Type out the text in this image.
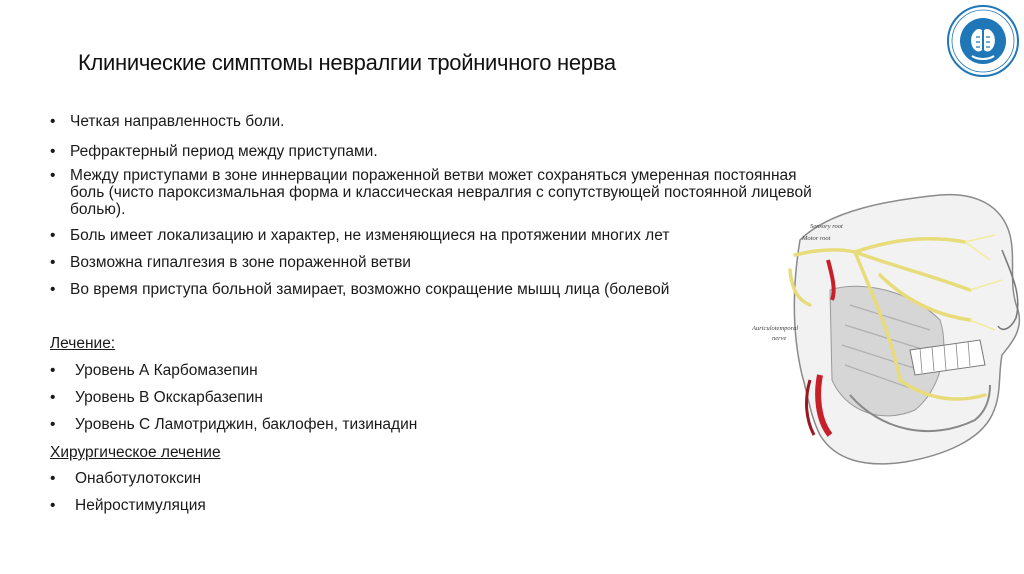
Клинические симптомы невралгии тройничного нерва
• Четкая направленность боли.
• Рефрактерный период между приступами.
• Между приступами в зоне иннервации пораженной ветви может сохраняться умеренная постоянная боль (чисто пароксизмальная форма и классическая невралгия с сопутствующей постоянной лицевой болью).
• Боль имеет локализацию и характер, не изменяющиеся на протяжении многих лет
• Возможна гипалгезия в зоне пораженной ветви
• Во время приступа больной замирает, возможно сокращение мышц лица (болевой
Лечение:
• Уровень А Карбомазепин
• Уровень В Окскарбазепин
• Уровень С Ламотриджин, баклофен, тизинадин
Хирургическое лечение
• Онаботулотоксин
• Нейростимуляция
Sensory root
Motor root
Auriculotemporal
nerve
